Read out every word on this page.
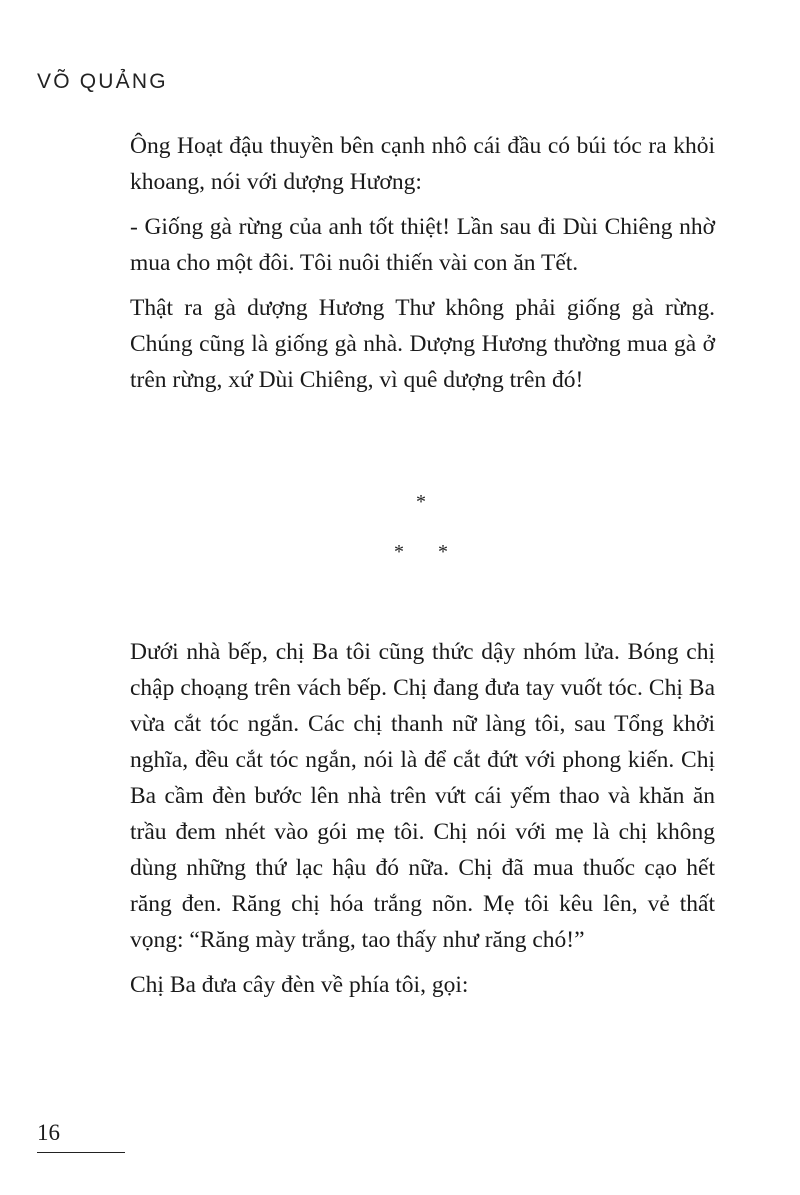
VÕ QUẢNG

Ông Hoạt đậu thuyền bên cạnh nhô cái đầu có búi tóc ra khỏi khoang, nói với dượng Hương:

- Giống gà rừng của anh tốt thiệt! Lần sau đi Dùi Chiêng nhờ mua cho một đôi. Tôi nuôi thiến vài con ăn Tết.

Thật ra gà dượng Hương Thư không phải giống gà rừng. Chúng cũng là giống gà nhà. Dượng Hương thường mua gà ở trên rừng, xứ Dùi Chiêng, vì quê dượng trên đó!

*
* *

Dưới nhà bếp, chị Ba tôi cũng thức dậy nhóm lửa. Bóng chị chập choạng trên vách bếp. Chị đang đưa tay vuốt tóc. Chị Ba vừa cắt tóc ngắn. Các chị thanh nữ làng tôi, sau Tổng khởi nghĩa, đều cắt tóc ngắn, nói là để cắt đứt với phong kiến. Chị Ba cầm đèn bước lên nhà trên vứt cái yếm thao và khăn ăn trầu đem nhét vào gói mẹ tôi. Chị nói với mẹ là chị không dùng những thứ lạc hậu đó nữa. Chị đã mua thuốc cạo hết răng đen. Răng chị hóa trắng nõn. Mẹ tôi kêu lên, vẻ thất vọng: “Răng mày trắng, tao thấy như răng chó!”

Chị Ba đưa cây đèn về phía tôi, gọi:

16
